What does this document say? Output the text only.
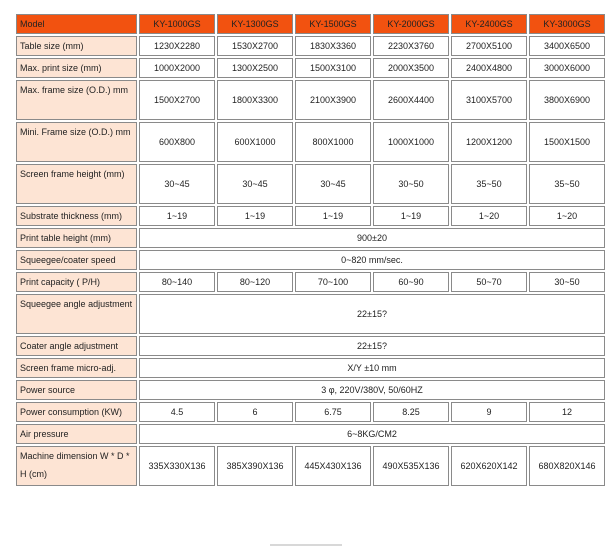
Model	KY-1000GS	KY-1300GS	KY-1500GS	KY-2000GS	KY-2400GS	KY-3000GS
Table size (mm)	1230X2280	1530X2700	1830X3360	2230X3760	2700X5100	3400X6500
Max. print size (mm)	1000X2000	1300X2500	1500X3100	2000X3500	2400X4800	3000X6000
Max. frame size (O.D.) mm	1500X2700	1800X3300	2100X3900	2600X4400	3100X5700	3800X6900
Mini. Frame size (O.D.) mm	600X800	600X1000	800X1000	1000X1000	1200X1200	1500X1500
Screen frame height (mm)	30~45	30~45	30~45	30~50	35~50	35~50
Substrate thickness (mm)	1~19	1~19	1~19	1~19	1~20	1~20
Print table height (mm)	900±20					
Squeegee/coater speed	0~820 mm/sec.					
Print capacity ( P/H)	80~140	80~120	70~100	60~90	50~70	30~50
Squeegee angle adjustment	22±15?					
Coater angle adjustment	22±15?					
Screen frame micro-adj.	X/Y ±10 mm					
Power source	3 φ, 220V/380V, 50/60HZ					
Power consumption (KW)	4.5	6	6.75	8.25	9	12
Air pressure	6~8KG/CM2					
Machine dimension W * D * H (cm)	335X330X136	385X390X136	445X430X136	490X535X136	620X620X142	680X820X146
